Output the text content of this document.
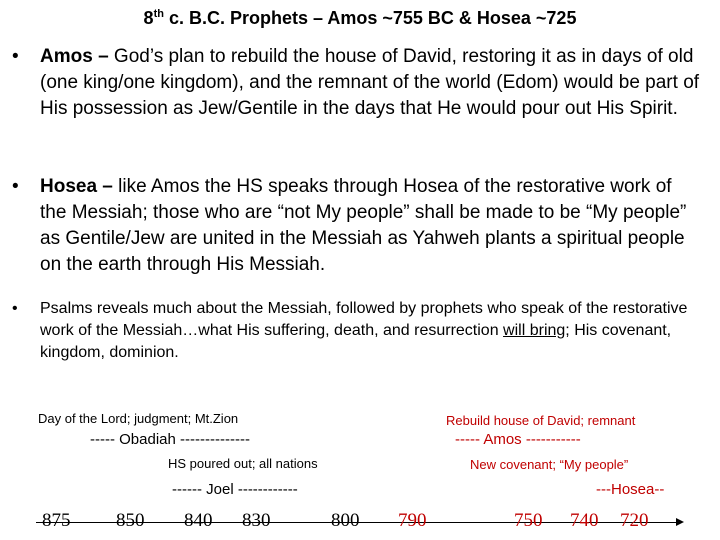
8th c. B.C. Prophets – Amos ~755 BC & Hosea ~725
•	Amos – God’s plan to rebuild the house of David, restoring it as in days of old (one king/one kingdom), and the remnant of the world (Edom) would be part of His possession as Jew/Gentile in the days that He would pour out His Spirit.
•	Hosea – like Amos the HS speaks through Hosea of the restorative work of the Messiah; those who are “not My people” shall be made to be “My people” as Gentile/Jew are united in the Messiah as Yahweh plants a spiritual people on the earth through His Messiah.
•	Psalms reveals much about the Messiah, followed by prophets who speak of the restorative work of the Messiah…what His suffering, death, and resurrection will bring; His covenant, kingdom, dominion.
Day of the Lord; judgment; Mt.Zion
----- Obadiah --------------
HS poured out; all nations
------ Joel ------------
Rebuild house of David; remnant
----- Amos -----------
New covenant; “My people”
---Hosea--
875 850 840 830	800 790	750 740 720
